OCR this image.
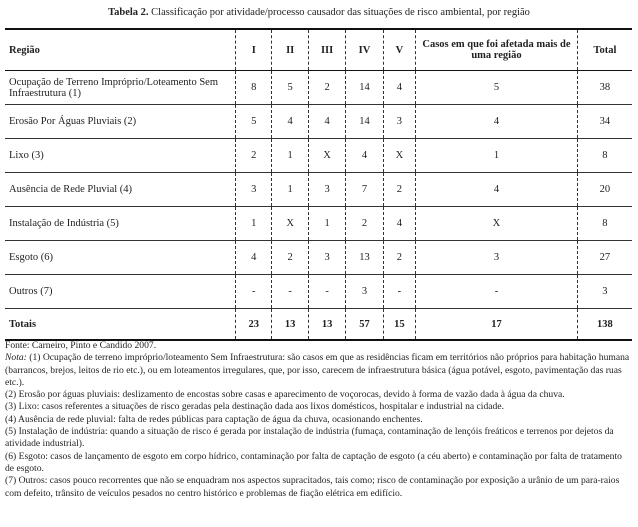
Tabela 2. Classificação por atividade/processo causador das situações de risco ambiental, por região
Região	I	II	III	IV	V	Casos em que foi afetada mais de uma região	Total
Ocupação de Terreno Impróprio/Loteamento Sem Infraestrutura (1)	8	5	2	14	4	5	38
Erosão Por Águas Pluviais (2)	5	4	4	14	3	4	34
Lixo (3)	2	1	X	4	X	1	8
Ausência de Rede Pluvial (4)	3	1	3	7	2	4	20
Instalação de Indústria (5)	1	X	1	2	4	X	8
Esgoto (6)	4	2	3	13	2	3	27
Outros (7)	-	-	-	3	-	-	3
Totais	23	13	13	57	15	17	138

Fonte: Carneiro, Pinto e Candido 2007.

Nota: (1) Ocupação de terreno impróprio/loteamento Sem Infraestrutura: são casos em que as residências ficam em territórios não próprios para habitação humana (barrancos, brejos, leitos de rio etc.), ou em loteamentos irregulares, que, por isso, carecem de infraestrutura básica (água potável, esgoto, pavimentação das ruas etc.).

(2) Erosão por águas pluviais: deslizamento de encostas sobre casas e aparecimento de voçorocas, devido à forma de vazão dada à água da chuva.

(3) Lixo: casos referentes a situações de risco geradas pela destinação dada aos lixos domésticos, hospitalar e industrial na cidade.

(4) Ausência de rede pluvial: falta de redes públicas para captação de água da chuva, ocasionando enchentes.

(5) Instalação de indústria: quando a situação de risco é gerada por instalação de indústria (fumaça, contaminação de lençóis freáticos e terrenos por dejetos da atividade industrial).

(6) Esgoto: casos de lançamento de esgoto em corpo hídrico, contaminação por falta de captação de esgoto (a céu aberto) e contaminação por falta de tratamento de esgoto.

(7) Outros: casos pouco recorrentes que não se enquadram nos aspectos supracitados, tais como; risco de contaminação por exposição a urânio de um para-raios com defeito, trânsito de veículos pesados no centro histórico e problemas de fiação elétrica em edifício.
